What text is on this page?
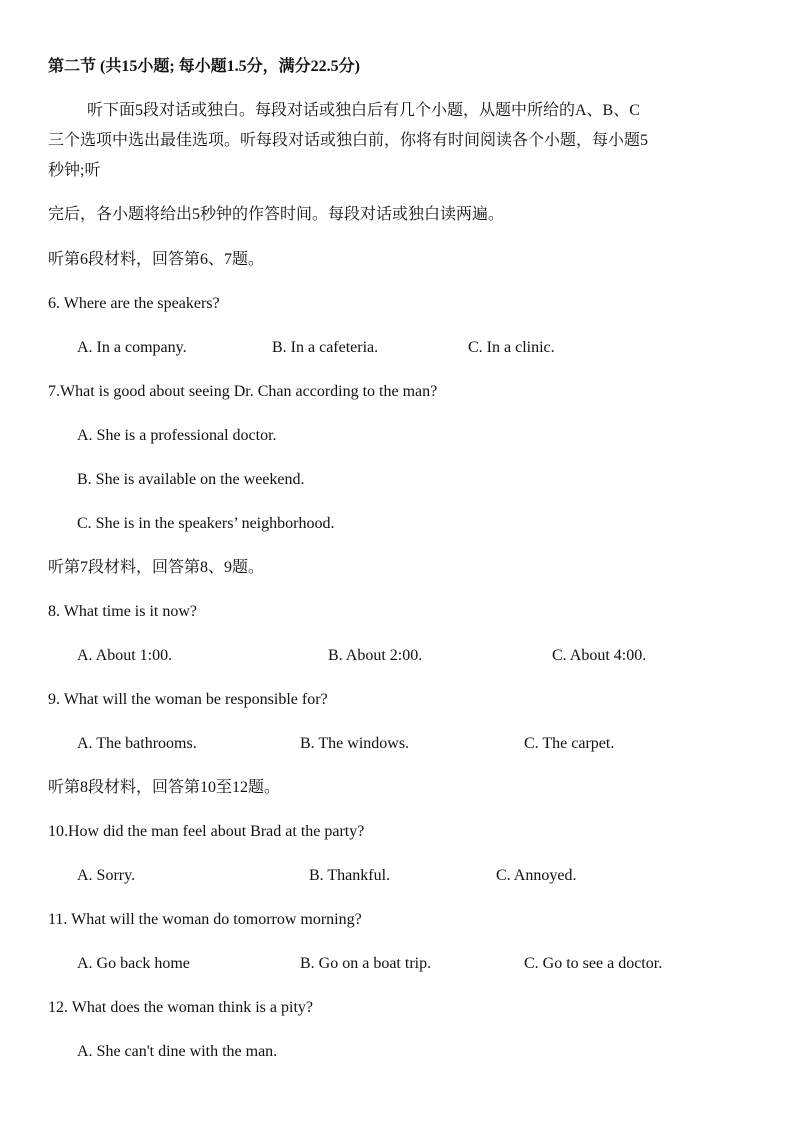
第二节 (共15小题; 每小题1.5分，满分22.5分)
听下面5段对话或独白。每段对话或独白后有几个小题，从题中所给的A、B、C
三个选项中选出最佳选项。听每段对话或独白前，你将有时间阅读各个小题，每小题5
秒钟;听
完后，各小题将给出5秒钟的作答时间。每段对话或独白读两遍。
听第6段材料，回答第6、7题。
6. Where are the speakers?
A. In a company.	B. In a cafeteria.	C. In a clinic.
7.What is good about seeing Dr. Chan according to the man?
A. She is a professional doctor.
B. She is available on the weekend.
C. She is in the speakers’ neighborhood.
听第7段材料，回答第8、9题。
8. What time is it now?
A. About 1:00.	B. About 2:00.	C. About 4:00.
9. What will the woman be responsible for?
A. The bathrooms.	B. The windows.	C. The carpet.
听第8段材料，回答第10至12题。
10.How did the man feel about Brad at the party?
A. Sorry.	B. Thankful.	C. Annoyed.
11. What will the woman do tomorrow morning?
A. Go back home	B. Go on a boat trip.	C. Go to see a doctor.
12. What does the woman think is a pity?
A. She can't dine with the man.
